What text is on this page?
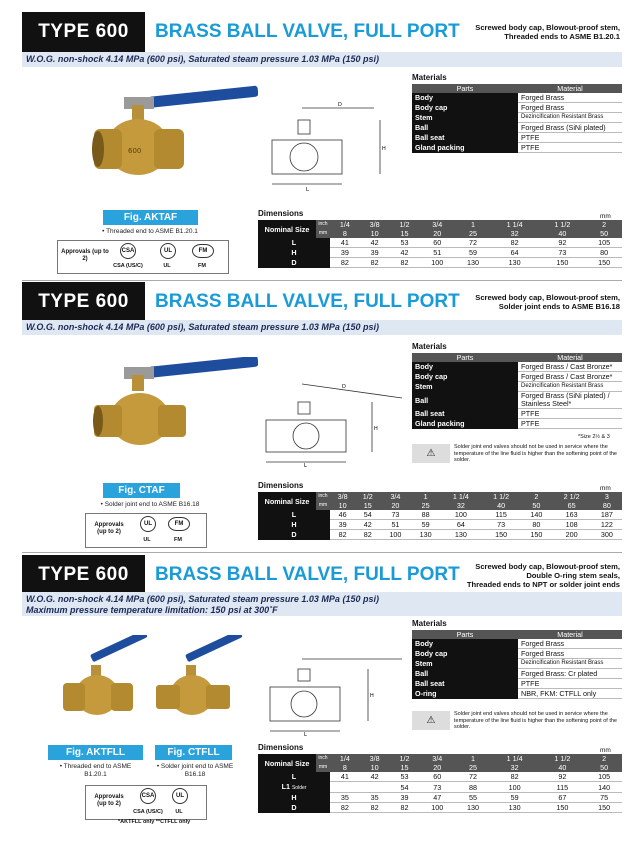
TYPE 600	BRASS BALL VALVE, FULL PORT	Screwed body cap, Blowout-proof stem,
Threaded ends to ASME B1.20.1
W.O.G. non-shock 4.14 MPa (600 psi), Saturated steam pressure 1.03 MPa (150 psi)
600
Fig. AKTAF
• Threaded end to ASME B1.20.1
Approvals (up to 2)
CSA	UL	FM
CSA (US/C)	UL	FM
D
H
L
Materials
Parts	Material
Body	Forged Brass
Body cap	Forged Brass
Stem	Dezincification Resistant Brass
Ball	Forged Brass (SiNi plated)
Ball seat	PTFE
Gland packing	PTFE
Dimensions	mm
Nominal Size	inch	1/4	3/8	1/2	3/4	1	1 1/4	1 1/2	2
	mm	8	10	15	20	25	32	40	50
L		41	42	53	60	72	82	92	105
H		39	39	42	51	59	64	73	80
D		82	82	82	100	130	130	150	150
TYPE 600	BRASS BALL VALVE, FULL PORT	Screwed body cap, Blowout-proof stem,
Solder joint ends to ASME B16.18
W.O.G. non-shock 4.14 MPa (600 psi), Saturated steam pressure 1.03 MPa (150 psi)
Fig. CTAF
• Solder joint end to ASME B16.18
Approvals (up to 2)
UL	FM
UL	FM
D
H
L
Materials
Parts	Material
Body	Forged Brass / Cast Bronze*
Body cap	Forged Brass / Cast Bronze*
Stem	Dezincification Resistant Brass
Ball	Forged Brass (SiNi plated) / Stainless Steel*
Ball seat	PTFE
Gland packing	PTFE
*Size 2½ & 3
⚠
Solder joint end valves should not be used in service where the temperature of the line fluid is higher than the softening point of the solder.
Dimensions	mm
Nominal Size	inch	3/8	1/2	3/4	1	1 1/4	1 1/2	2	2 1/2	3
	mm	10	15	20	25	32	40	50	65	80
L		46	54	73	88	100	115	140	163	187
H		39	42	51	59	64	73	80	108	122
D		82	82	100	130	130	150	150	200	300
TYPE 600	BRASS BALL VALVE, FULL PORT	Screwed body cap, Blowout-proof stem,
Double O-ring stem seals,
Threaded ends to NPT or solder joint ends
W.O.G. non-shock 4.14 MPa (600 psi), Saturated steam pressure 1.03 MPa (150 psi)
Maximum pressure temperature limitation: 150 psi at 300˚F
Fig. AKTFLL
• Threaded end to ASME B1.20.1
Fig. CTFLL
• Solder joint end to ASME B16.18
Approvals (up to 2)
CSA	UL
CSA (US/C)	UL
*AKTFLL only **CTFLL only
H
L
Materials
Parts	Material
Body	Forged Brass
Body cap	Forged Brass
Stem	Dezincification Resistant Brass
Ball	Forged Brass: Cr plated
Ball seat	PTFE
O-ring	NBR, FKM: CTFLL only
⚠
Solder joint end valves should not be used in service where the temperature of the line fluid is higher than the softening point of the solder.
Dimensions	mm
Nominal Size	inch	1/4	3/8	1/2	3/4	1	1 1/4	1 1/2	2
	mm	8	10	15	20	25	32	40	50
L		41	42	53	60	72	82	92	105
L1 Solder				54	73	88	100	115	140
H		35	35	39	47	55	59	67	75
D		82	82	82	100	130	130	150	150
